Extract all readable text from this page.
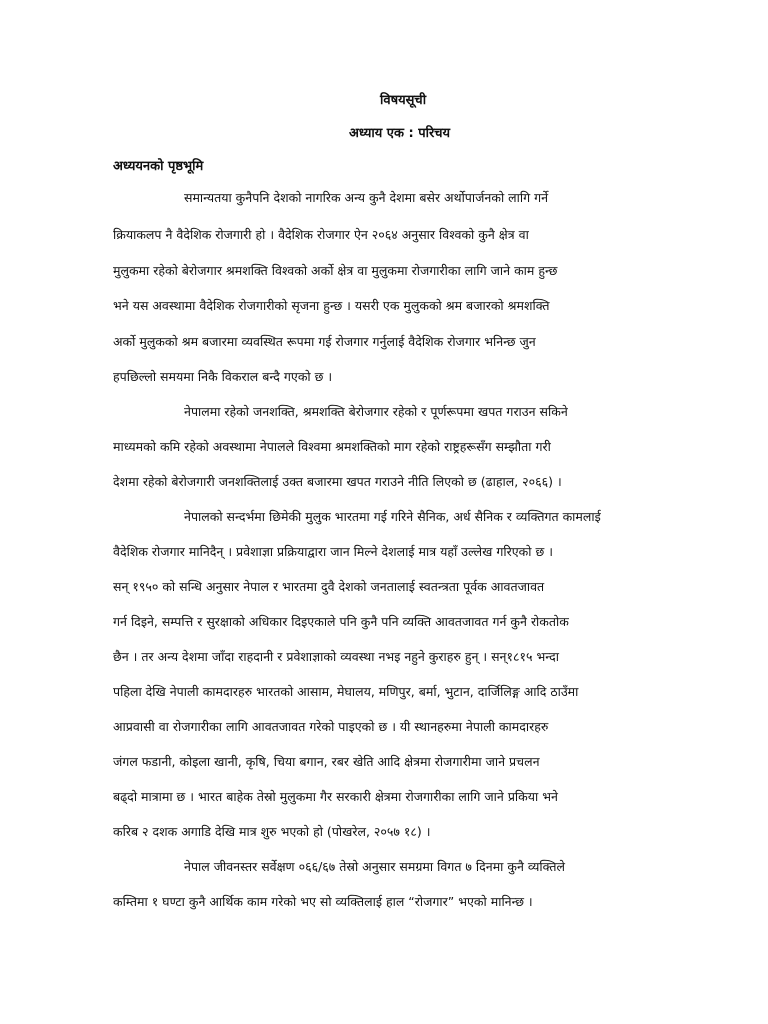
विषयसूची
अध्याय एक : परिचय
अध्ययनको पृष्ठभूमि
समान्यतया कुनैपनि देशको नागरिक अन्य कुनै देशमा बसेर अर्थोपार्जनको लागि गर्ने
क्रियाकलप नै वैदेशिक रोजगारी हो । वैदेशिक रोजगार ऐन २०६४ अनुसार विश्वको कुनै क्षेत्र वा
मुलुकमा रहेको बेरोजगार श्रमशक्ति विश्वको अर्को क्षेत्र वा मुलुकमा रोजगारीका लागि जाने काम हुन्छ
भने यस अवस्थामा वैदेशिक रोजगारीको सृजना हुन्छ । यसरी एक मुलुकको श्रम बजारको श्रमशक्ति
अर्को मुलुकको श्रम बजारमा व्यवस्थित रूपमा गई रोजगार गर्नुलाई वैदेशिक रोजगार भनिन्छ जुन
हपछिल्लो समयमा निकै विकराल बन्दै गएको छ ।
नेपालमा रहेको जनशक्ति, श्रमशक्ति बेरोजगार रहेको र पूर्णरूपमा खपत गराउन सकिने
माध्यमको कमि रहेको अवस्थामा नेपालले विश्वमा श्रमशक्तिको माग रहेको राष्ट्रहरूसँग सम्झौता गरी
देशमा रहेको बेरोजगारी जनशक्तिलाई उक्त बजारमा खपत गराउने नीति लिएको छ (ढाहाल, २०६६) ।
नेपालको सन्दर्भमा छिमेकी मुलुक भारतमा गई गरिने सैनिक, अर्ध सैनिक र व्यक्तिगत कामलाई
वैदेशिक रोजगार मानिदैन् । प्रवेशाज्ञा प्रक्रियाद्वारा जान मिल्ने देशलाई मात्र यहाँ उल्लेख गरिएको छ ।
सन् १९५० को सन्धि अनुसार नेपाल र भारतमा दुवै देशको जनतालाई स्वतन्त्रता पूर्वक आवतजावत
गर्न दिइने, सम्पत्ति र सुरक्षाको अधिकार दिइएकाले पनि कुनै पनि व्यक्ति आवतजावत गर्न कुनै रोकतोक
छैन । तर अन्य देशमा जाँदा राहदानी र प्रवेशाज्ञाको व्यवस्था नभइ नहुने कुराहरु हुन् । सन्१८१५ भन्दा
पहिला देखि नेपाली कामदारहरु भारतको आसाम, मेघालय, मणिपुर, बर्मा, भुटान, दार्जिलिङ्ग आदि ठाउँमा
आप्रवासी वा रोजगारीका लागि आवतजावत गरेको पाइएको छ । यी स्थानहरुमा नेपाली कामदारहरु
जंगल फडानी, कोइला खानी, कृषि, चिया बगान, रबर खेति आदि क्षेत्रमा रोजगारीमा जाने प्रचलन
बढ्दो मात्रामा छ । भारत बाहेक तेस्रो मुलुकमा गैर सरकारी क्षेत्रमा रोजगारीका लागि जाने प्रकिया भने
करिब २ दशक अगाडि देखि मात्र शुरु भएको हो (पोखरेल, २०५७ १८) ।
नेपाल जीवनस्तर सर्वेक्षण ०६६/६७ तेस्रो अनुसार समग्रमा विगत ७ दिनमा कुनै व्यक्तिले
कम्तिमा १ घण्टा कुनै आर्थिक काम गरेको भए सो व्यक्तिलाई हाल “रोजगार” भएको मानिन्छ ।
